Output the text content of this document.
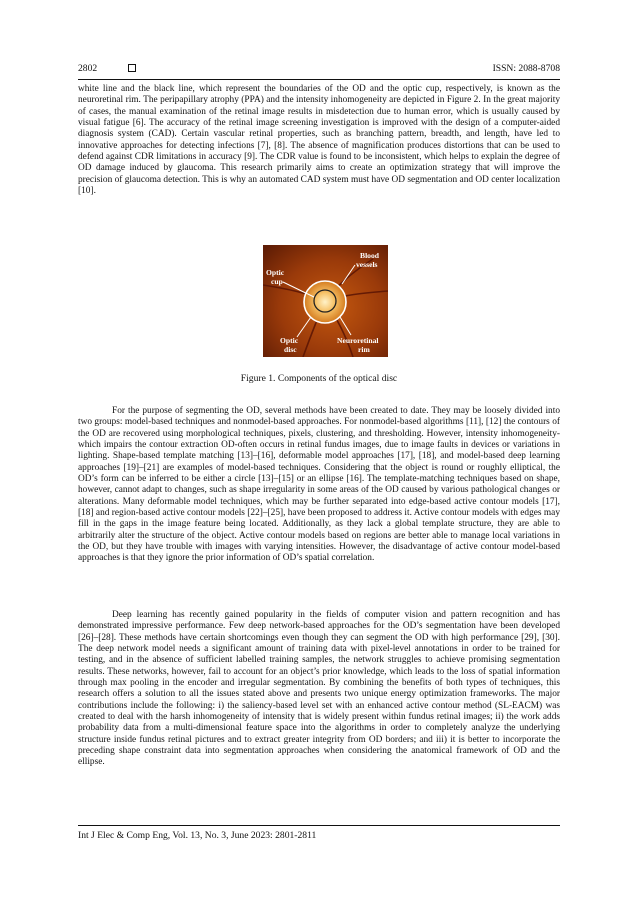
2802	ISSN: 2088-8708

white line and the black line, which represent the boundaries of the OD and the optic cup, respectively, is known as the neuroretinal rim. The peripapillary atrophy (PPA) and the intensity inhomogeneity are depicted in Figure 2. In the great majority of cases, the manual examination of the retinal image results in misdetection due to human error, which is usually caused by visual fatigue [6]. The accuracy of the retinal image screening investigation is improved with the design of a computer-aided diagnosis system (CAD). Certain vascular retinal properties, such as branching pattern, breadth, and length, have led to innovative approaches for detecting infections [7], [8]. The absence of magnification produces distortions that can be used to defend against CDR limitations in accuracy [9]. The CDR value is found to be inconsistent, which helps to explain the degree of OD damage induced by glaucoma. This research primarily aims to create an optimization strategy that will improve the precision of glaucoma detection. This is why an automated CAD system must have OD segmentation and OD center localization [10].

Optic
cup
Blood
vessels
Optic
disc
Neuroretinal
rim
Figure 1. Components of the optical disc

For the purpose of segmenting the OD, several methods have been created to date. They may be loosely divided into two groups: model-based techniques and nonmodel-based approaches. For nonmodel-based algorithms [11], [12] the contours of the OD are recovered using morphological techniques, pixels, clustering, and thresholding. However, intensity inhomogeneity-which impairs the contour extraction OD-often occurs in retinal fundus images, due to image faults in devices or variations in lighting. Shape-based template matching [13]–[16], deformable model approaches [17], [18], and model-based deep learning approaches [19]–[21] are examples of model-based techniques. Considering that the object is round or roughly elliptical, the OD’s form can be inferred to be either a circle [13]–[15] or an ellipse [16]. The template-matching techniques based on shape, however, cannot adapt to changes, such as shape irregularity in some areas of the OD caused by various pathological changes or alterations. Many deformable model techniques, which may be further separated into edge-based active contour models [17], [18] and region-based active contour models [22]–[25], have been proposed to address it. Active contour models with edges may fill in the gaps in the image feature being located. Additionally, as they lack a global template structure, they are able to arbitrarily alter the structure of the object. Active contour models based on regions are better able to manage local variations in the OD, but they have trouble with images with varying intensities. However, the disadvantage of active contour model-based approaches is that they ignore the prior information of OD’s spatial correlation.

Deep learning has recently gained popularity in the fields of computer vision and pattern recognition and has demonstrated impressive performance. Few deep network-based approaches for the OD’s segmentation have been developed [26]–[28]. These methods have certain shortcomings even though they can segment the OD with high performance [29], [30]. The deep network model needs a significant amount of training data with pixel-level annotations in order to be trained for testing, and in the absence of sufficient labelled training samples, the network struggles to achieve promising segmentation results. These networks, however, fail to account for an object’s prior knowledge, which leads to the loss of spatial information through max pooling in the encoder and irregular segmentation. By combining the benefits of both types of techniques, this research offers a solution to all the issues stated above and presents two unique energy optimization frameworks. The major contributions include the following: i) the saliency-based level set with an enhanced active contour method (SL-EACM) was created to deal with the harsh inhomogeneity of intensity that is widely present within fundus retinal images; ii) the work adds probability data from a multi-dimensional feature space into the algorithms in order to completely analyze the underlying structure inside fundus retinal pictures and to extract greater integrity from OD borders; and iii) it is better to incorporate the preceding shape constraint data into segmentation approaches when considering the anatomical framework of OD and the ellipse.

Int J Elec & Comp Eng, Vol. 13, No. 3, June 2023: 2801-2811
